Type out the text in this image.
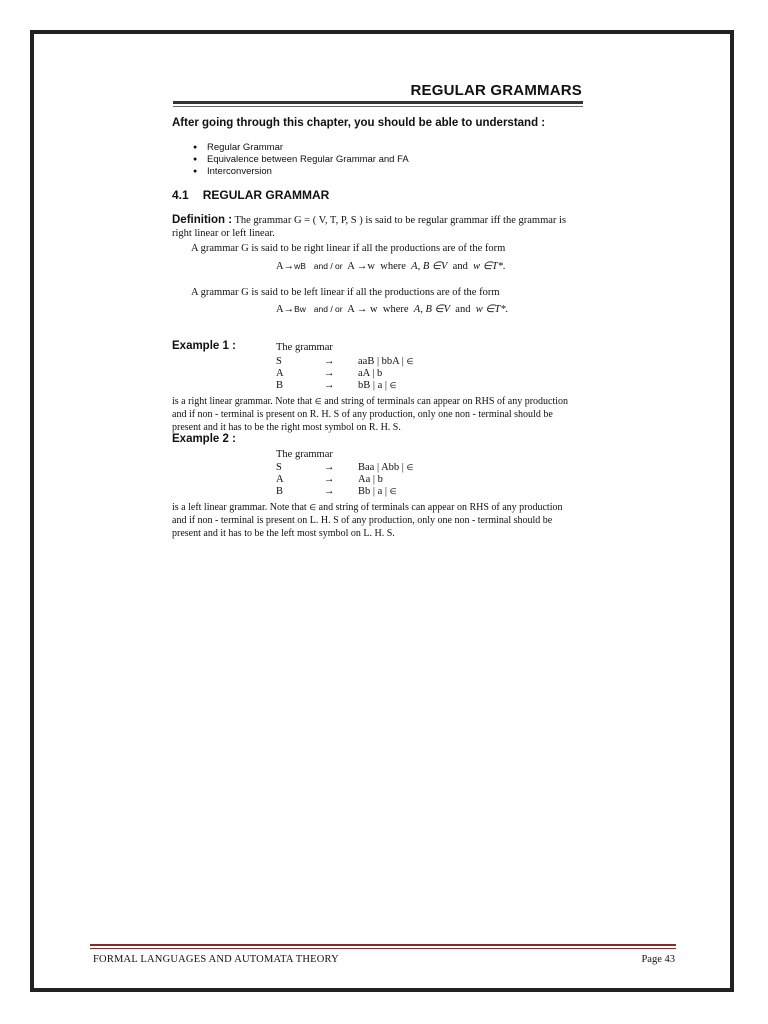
REGULAR GRAMMARS
After going through this chapter, you should be able to understand :
● Regular Grammar
● Equivalence between Regular Grammar and FA
● Interconversion
4.1 REGULAR GRAMMAR
Definition : The grammar G = ( V, T, P, S ) is said to be regular grammar iff the grammar is
right linear or left linear.
A grammar G is said to be right linear if all the productions are of the form
A→wB and / or A →w where A, B ∈V and w ∈T*.
A grammar G is said to be left linear if all the productions are of the form
A→Bw and / or A → w where A, B ∈V and w ∈T*.
Example 1 :	The grammar
S	→ aaB | bbA | ∈
A	→ aA | b
B	→ bB | a | ∈
is a right linear grammar. Note that ∈ and string of terminals can appear on RHS of any production
and if non - terminal is present on R. H. S of any production, only one non - terminal should be
present and it has to be the right most symbol on R. H. S.
Example 2 :
The grammar
S	→ Baa | Abb | ∈
A	→ Aa | b
B	→ Bb | a | ∈
is a left linear grammar. Note that ∈ and string of terminals can appear on RHS of any production
and if non - terminal is present on L. H. S of any production, only one non - terminal should be
present and it has to be the left most symbol on L. H. S.
FORMAL LANGUAGES AND AUTOMATA THEORY	Page 43
